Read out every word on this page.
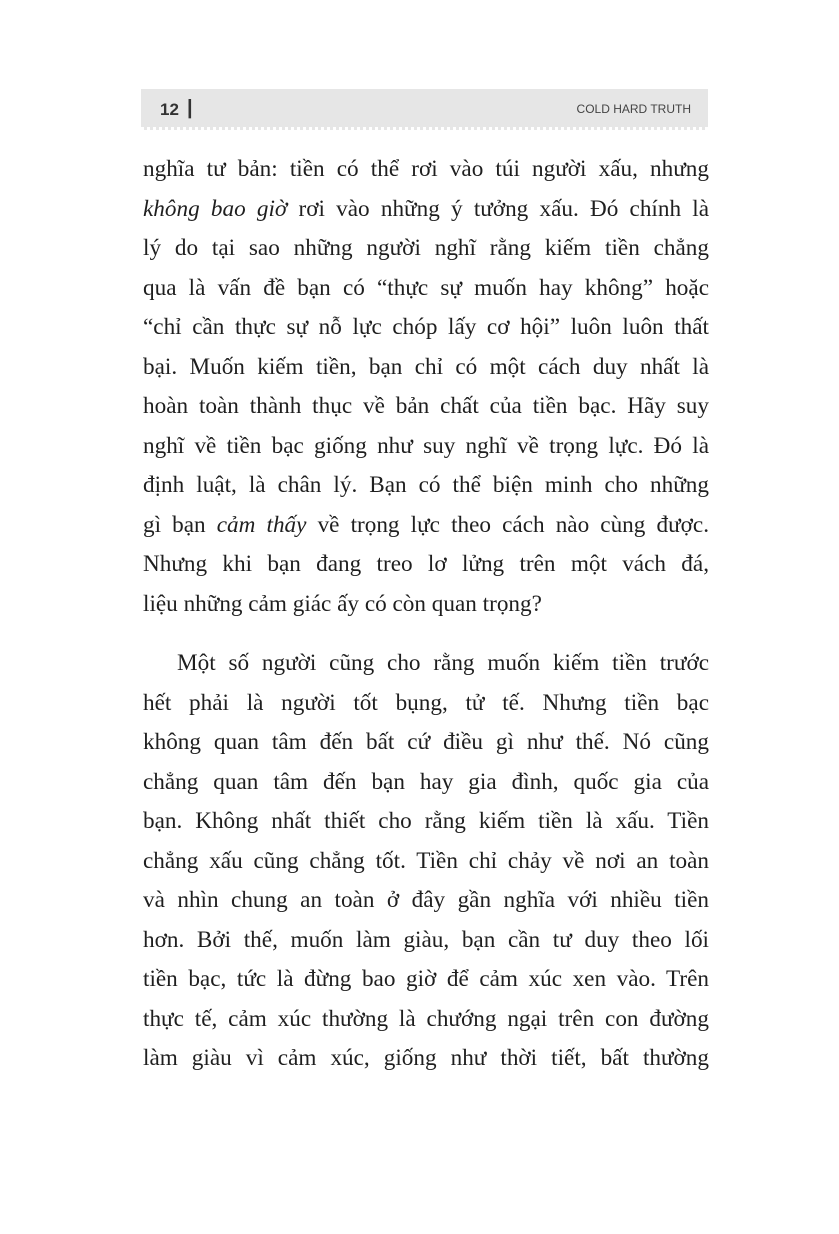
12 |	COLD HARD TRUTH

nghĩa tư bản: tiền có thể rơi vào túi người xấu, nhưng
không bao giờ rơi vào những ý tưởng xấu. Đó chính là
lý do tại sao những người nghĩ rằng kiếm tiền chẳng
qua là vấn đề bạn có “thực sự muốn hay không” hoặc
“chỉ cần thực sự nỗ lực chóp lấy cơ hội” luôn luôn thất
bại. Muốn kiếm tiền, bạn chỉ có một cách duy nhất là
hoàn toàn thành thục về bản chất của tiền bạc. Hãy suy
nghĩ về tiền bạc giống như suy nghĩ về trọng lực. Đó là
định luật, là chân lý. Bạn có thể biện minh cho những
gì bạn cảm thấy về trọng lực theo cách nào cùng được.
Nhưng khi bạn đang treo lơ lửng trên một vách đá,
liệu những cảm giác ấy có còn quan trọng?

Một số người cũng cho rằng muốn kiếm tiền trước
hết phải là người tốt bụng, tử tế. Nhưng tiền bạc
không quan tâm đến bất cứ điều gì như thế. Nó cũng
chẳng quan tâm đến bạn hay gia đình, quốc gia của
bạn. Không nhất thiết cho rằng kiếm tiền là xấu. Tiền
chẳng xấu cũng chẳng tốt. Tiền chỉ chảy về nơi an toàn
và nhìn chung an toàn ở đây gần nghĩa với nhiều tiền
hơn. Bởi thế, muốn làm giàu, bạn cần tư duy theo lối
tiền bạc, tức là đừng bao giờ để cảm xúc xen vào. Trên
thực tế, cảm xúc thường là chướng ngại trên con đường
làm giàu vì cảm xúc, giống như thời tiết, bất thường
